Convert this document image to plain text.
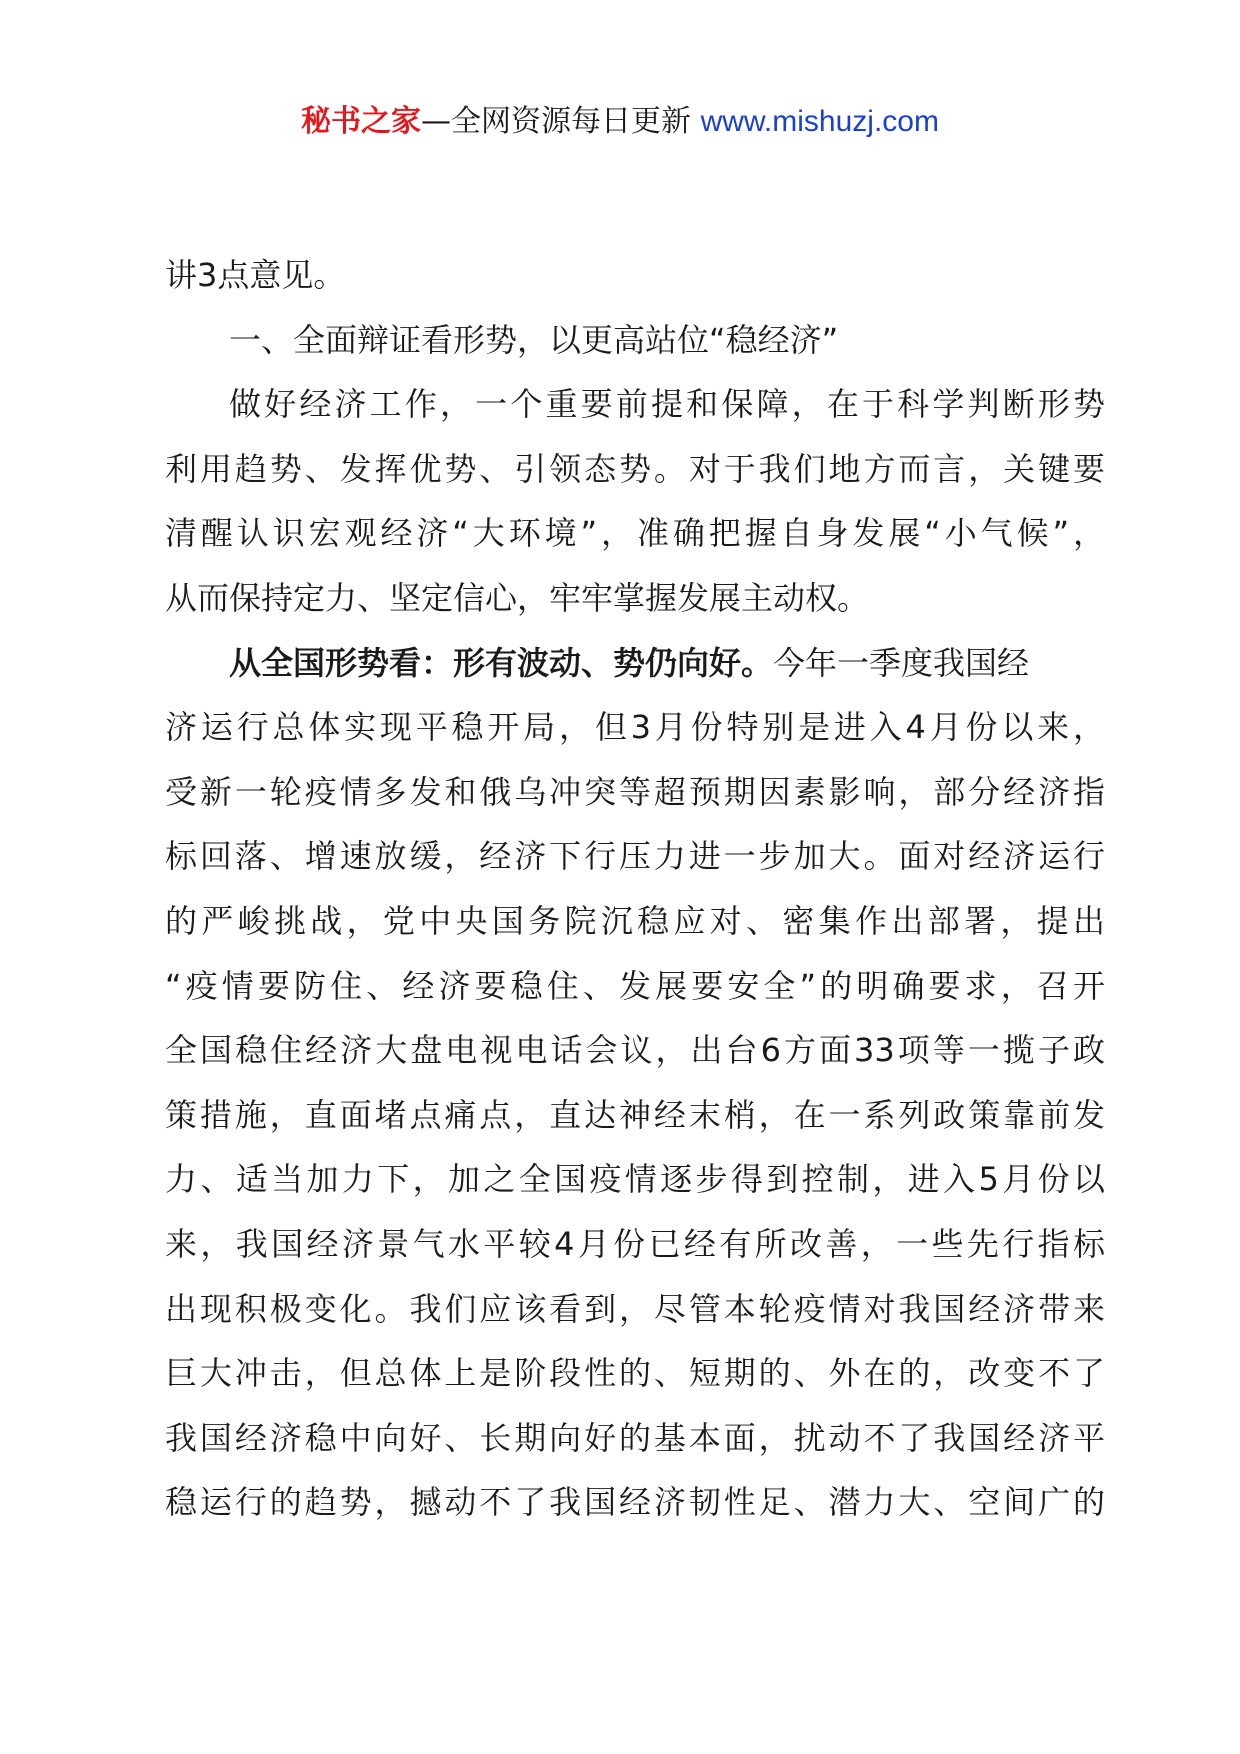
秘书之家—全网资源每日更新 www.mishuzj.com
讲3点意见。
一、全面辩证看形势，以更高站位“稳经济”
做好经济工作，一个重要前提和保障，在于科学判断形势
利用趋势、发挥优势、引领态势。对于我们地方而言，关键要
清醒认识宏观经济“大环境”，准确把握自身发展“小气候”，
从而保持定力、坚定信心，牢牢掌握发展主动权。
从全国形势看：形有波动、势仍向好。今年一季度我国经
济运行总体实现平稳开局，但3月份特别是进入4月份以来，
受新一轮疫情多发和俄乌冲突等超预期因素影响，部分经济指
标回落、增速放缓，经济下行压力进一步加大。面对经济运行
的严峻挑战，党中央国务院沉稳应对、密集作出部署，提出
“疫情要防住、经济要稳住、发展要安全”的明确要求，召开
全国稳住经济大盘电视电话会议，出台6方面33项等一揽子政
策措施，直面堵点痛点，直达神经末梢，在一系列政策靠前发
力、适当加力下，加之全国疫情逐步得到控制，进入5月份以
来，我国经济景气水平较4月份已经有所改善，一些先行指标
出现积极变化。我们应该看到，尽管本轮疫情对我国经济带来
巨大冲击，但总体上是阶段性的、短期的、外在的，改变不了
我国经济稳中向好、长期向好的基本面，扰动不了我国经济平
稳运行的趋势，撼动不了我国经济韧性足、潜力大、空间广的
